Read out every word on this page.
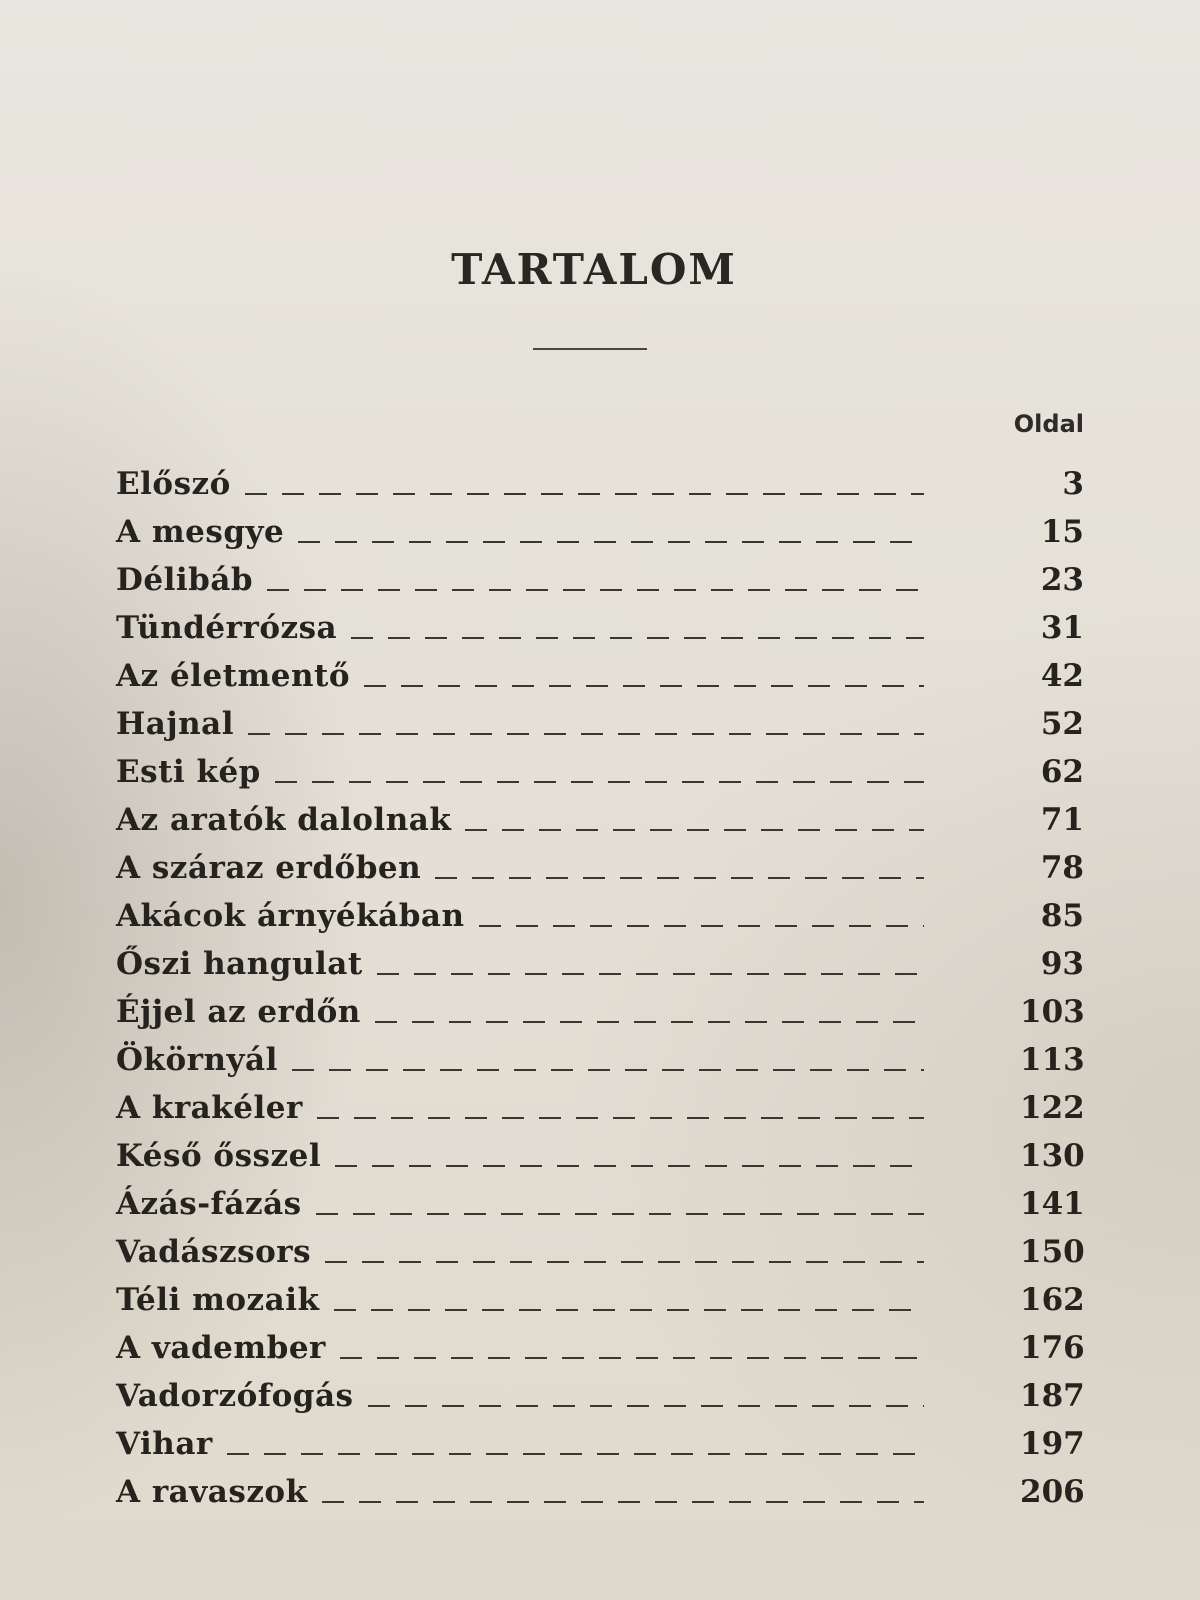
TARTALOM
Oldal
Előszó	3
A mesgye	15
Délibáb	23
Tündérrózsa	31
Az életmentő	42
Hajnal	52
Esti kép	62
Az aratók dalolnak	71
A száraz erdőben	78
Akácok árnyékában	85
Őszi hangulat	93
Éjjel az erdőn	103
Ökörnyál	113
A krakéler	122
Késő ősszel	130
Ázás-fázás	141
Vadászsors	150
Téli mozaik	162
A vadember	176
Vadorzófogás	187
Vihar	197
A ravaszok	206
